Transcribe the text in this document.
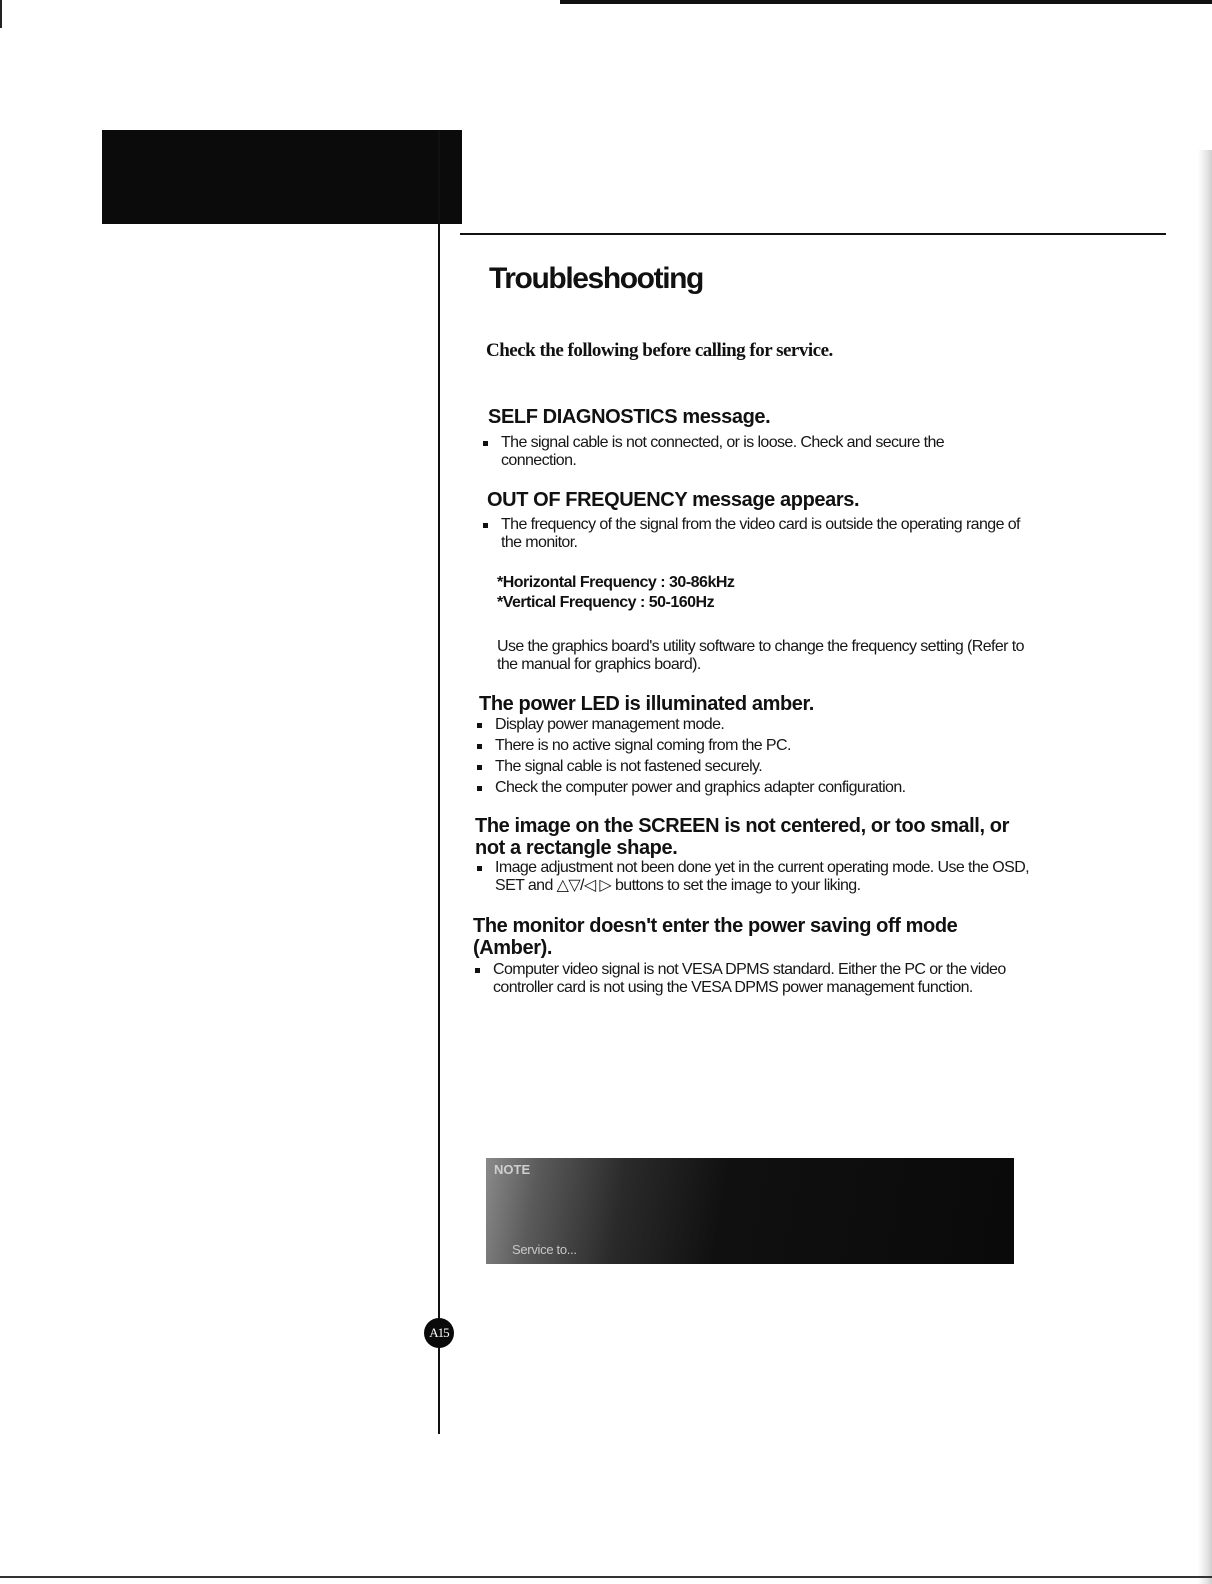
Troubleshooting

Check the following before calling for service.

SELF DIAGNOSTICS message.
The signal cable is not connected, or is loose. Check and secure the connection.
OUT OF FREQUENCY message appears.
The frequency of the signal from the video card is outside the operating range of the monitor.

*Horizontal Frequency : 30-86kHz

*Vertical Frequency : 50-160Hz

Use the graphics board's utility software to change the frequency setting (Refer to the manual for graphics board).

The power LED is illuminated amber.
Display power management mode.
There is no active signal coming from the PC.
The signal cable is not fastened securely.
Check the computer power and graphics adapter configuration.
The image on the SCREEN is not centered, or too small, or not a rectangle shape.
Image adjustment not been done yet in the current operating mode. Use the OSD, SET and △▽/◁ ▷ buttons to set the image to your liking.
The monitor doesn't enter the power saving off mode (Amber).
Computer video signal is not VESA DPMS standard. Either the PC or the video controller card is not using the VESA DPMS power management function.
NOTE
Service to...
A15
